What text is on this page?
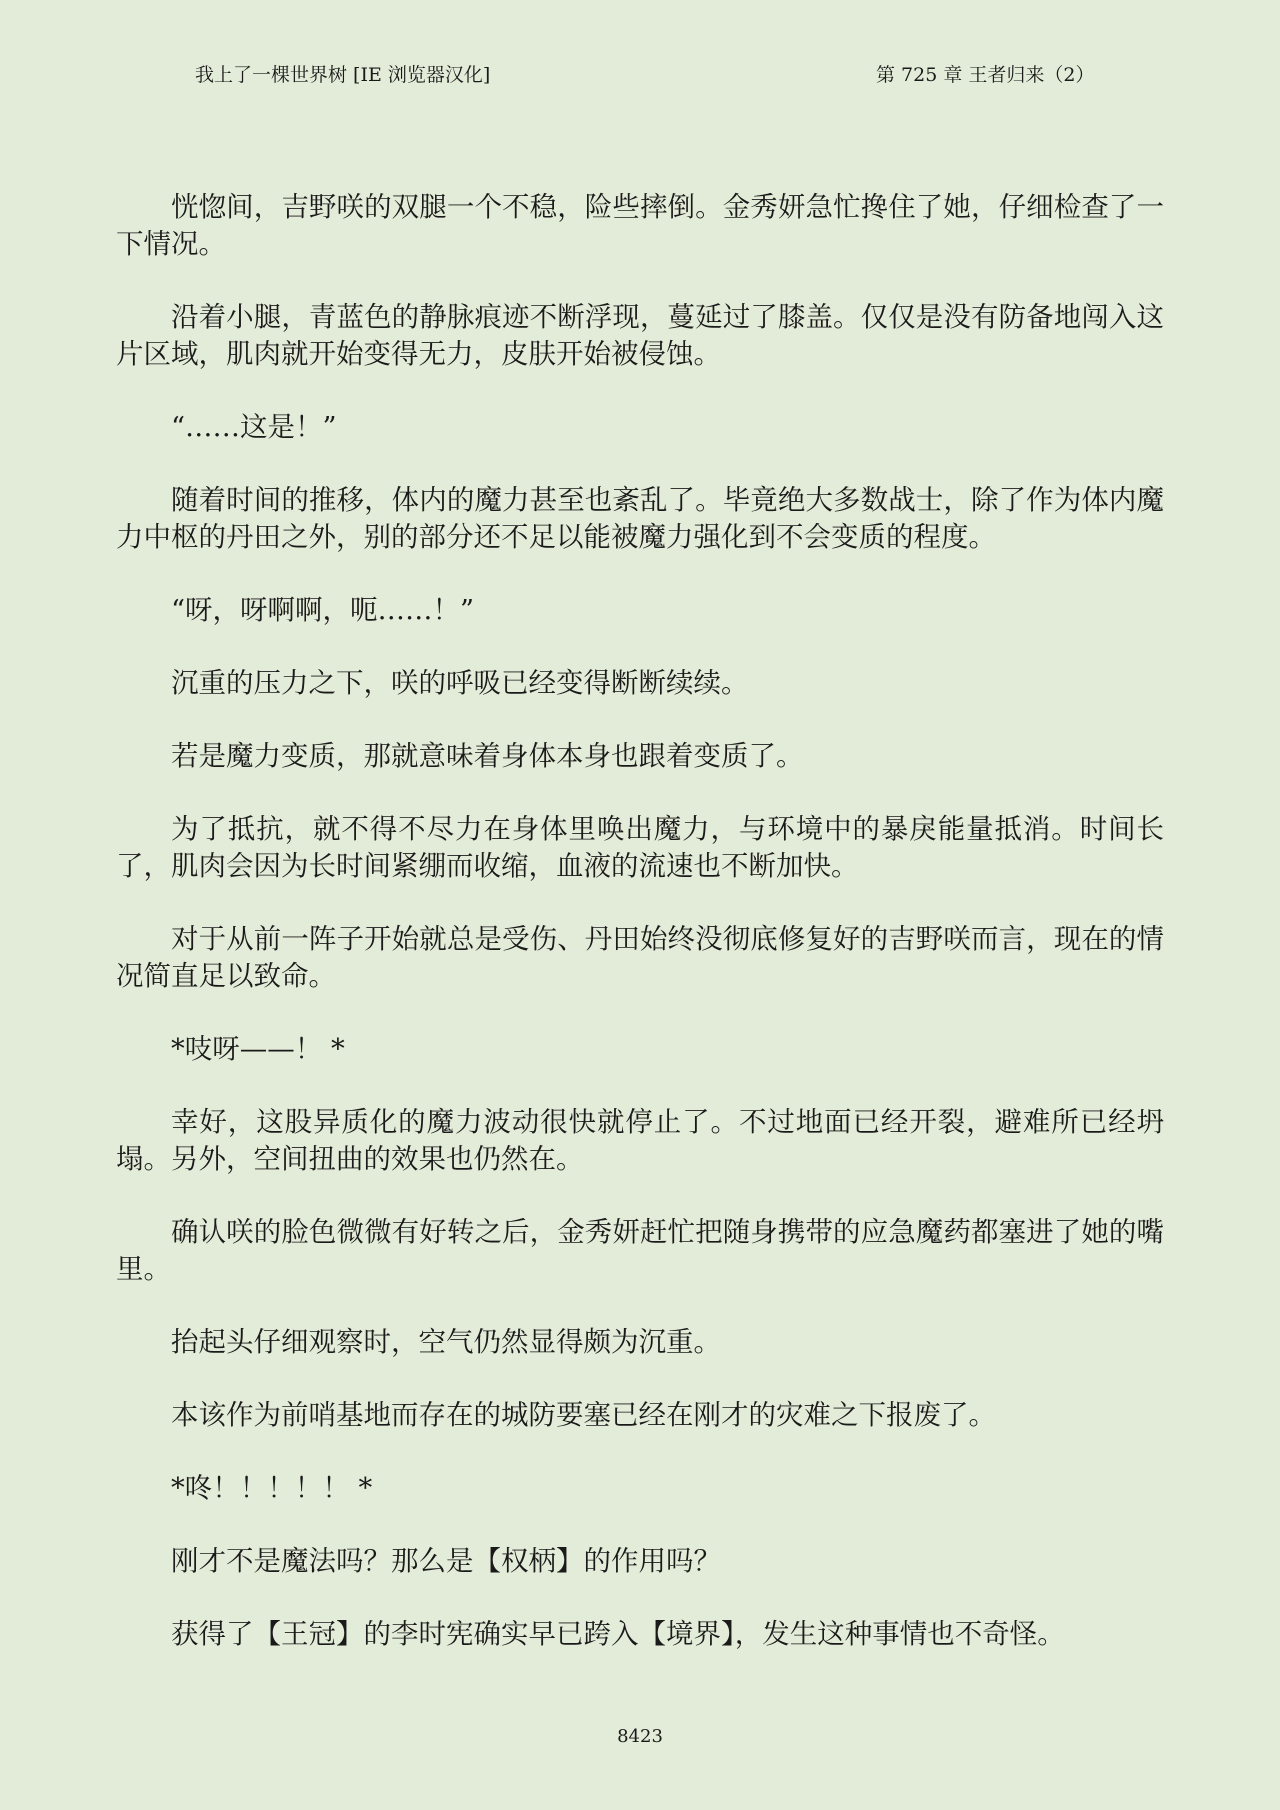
我上了一棵世界树 [IE 浏览器汉化]	第 725 章 王者归来（2）

恍惚间，吉野咲的双腿一个不稳，险些摔倒。金秀妍急忙搀住了她，仔细检查了一下情况。

沿着小腿，青蓝色的静脉痕迹不断浮现，蔓延过了膝盖。仅仅是没有防备地闯入这片区域，肌肉就开始变得无力，皮肤开始被侵蚀。

“……这是！”

随着时间的推移，体内的魔力甚至也紊乱了。毕竟绝大多数战士，除了作为体内魔力中枢的丹田之外，别的部分还不足以能被魔力强化到不会变质的程度。

“呀，呀啊啊，呃……！”

沉重的压力之下，咲的呼吸已经变得断断续续。

若是魔力变质，那就意味着身体本身也跟着变质了。

为了抵抗，就不得不尽力在身体里唤出魔力，与环境中的暴戾能量抵消。时间长了，肌肉会因为长时间紧绷而收缩，血液的流速也不断加快。

对于从前一阵子开始就总是受伤、丹田始终没彻底修复好的吉野咲而言，现在的情况简直足以致命。

*吱呀——！ *

幸好，这股异质化的魔力波动很快就停止了。不过地面已经开裂，避难所已经坍塌。另外，空间扭曲的效果也仍然在。

确认咲的脸色微微有好转之后，金秀妍赶忙把随身携带的应急魔药都塞进了她的嘴里。

抬起头仔细观察时，空气仍然显得颇为沉重。

本该作为前哨基地而存在的城防要塞已经在刚才的灾难之下报废了。

*咚！！！！！ *

刚才不是魔法吗？那么是【权柄】的作用吗？

获得了【王冠】的李时宪确实早已跨入【境界】，发生这种事情也不奇怪。

8423
